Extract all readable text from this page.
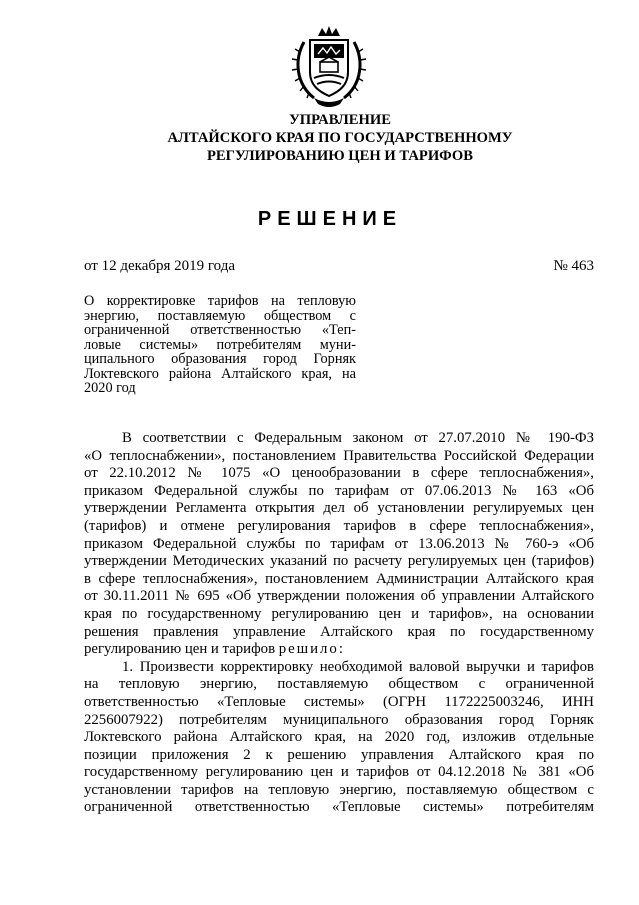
УПРАВЛЕНИЕ
АЛТАЙСКОГО КРАЯ ПО ГОСУДАРСТВЕННОМУ
РЕГУЛИРОВАНИЮ ЦЕН И ТАРИФОВ
РЕШЕНИЕ
от 12 декабря 2019 года	№ 463
О корректировке тарифов на тепловую
энергию, поставляемую обществом с
ограниченной ответственностью «Теп-
ловые системы» потребителям муни-
ципального образования город Горняк
Локтевского района Алтайского края, на
2020 год
В соответствии с Федеральным законом от 27.07.2010 № 190-ФЗ
«О теплоснабжении», постановлением Правительства Российской Федерации
от 22.10.2012 № 1075 «О ценообразовании в сфере теплоснабжения»,
приказом Федеральной службы по тарифам от 07.06.2013 № 163 «Об
утверждении Регламента открытия дел об установлении регулируемых цен
(тарифов) и отмене регулирования тарифов в сфере теплоснабжения»,
приказом Федеральной службы по тарифам от 13.06.2013 № 760-э «Об
утверждении Методических указаний по расчету регулируемых цен (тарифов)
в сфере теплоснабжения», постановлением Администрации Алтайского края
от 30.11.2011 № 695 «Об утверждении положения об управлении Алтайского
края по государственному регулированию цен и тарифов», на основании
решения правления управление Алтайского края по государственному
регулированию цен и тарифов решило:
1. Произвести корректировку необходимой валовой выручки и тарифов
на тепловую энергию, поставляемую обществом с ограниченной
ответственностью «Тепловые системы» (ОГРН 1172225003246, ИНН
2256007922) потребителям муниципального образования город Горняк
Локтевского района Алтайского края, на 2020 год, изложив отдельные
позиции приложения 2 к решению управления Алтайского края по
государственному регулированию цен и тарифов от 04.12.2018 № 381 «Об
установлении тарифов на тепловую энергию, поставляемую обществом с
ограниченной ответственностью «Тепловые системы» потребителям
